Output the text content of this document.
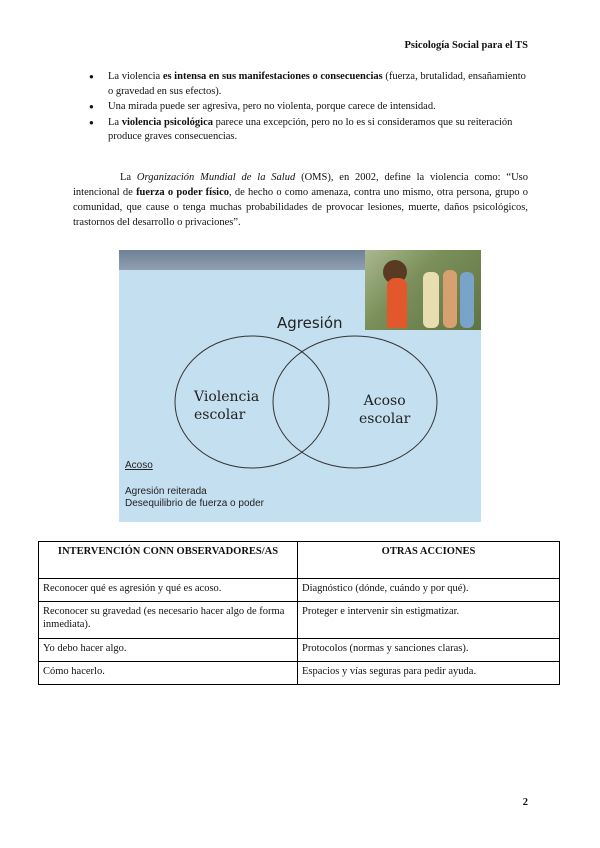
Psicología Social para el TS
● La violencia es intensa en sus manifestaciones o consecuencias (fuerza, brutalidad, ensañamiento o gravedad en sus efectos).
● Una mirada puede ser agresiva, pero no violenta, porque carece de intensidad.
● La violencia psicológica parece una excepción, pero no lo es si consideramos que su reiteración produce graves consecuencias.
La Organización Mundial de la Salud (OMS), en 2002, define la violencia como: “Uso intencional de fuerza o poder físico, de hecho o como amenaza, contra uno mismo, otra persona, grupo o comunidad, que cause o tenga muchas probabilidades de provocar lesiones, muerte, daños psicológicos, trastornos del desarrollo o privaciones”.
Agresión
Violencia
escolar
Acoso
escolar
Acoso
Agresión reiterada
Desequilibrio de fuerza o poder
INTERVENCIÓN CONN OBSERVADORES/AS	OTRAS ACCIONES
Reconocer qué es agresión y qué es acoso.	Diagnóstico (dónde, cuándo y por qué).
Reconocer su gravedad (es necesario hacer algo de forma inmediata).	Proteger e intervenir sin estigmatizar.
Yo debo hacer algo.	Protocolos (normas y sanciones claras).
Cómo hacerlo.	Espacios y vías seguras para pedir ayuda.
2
